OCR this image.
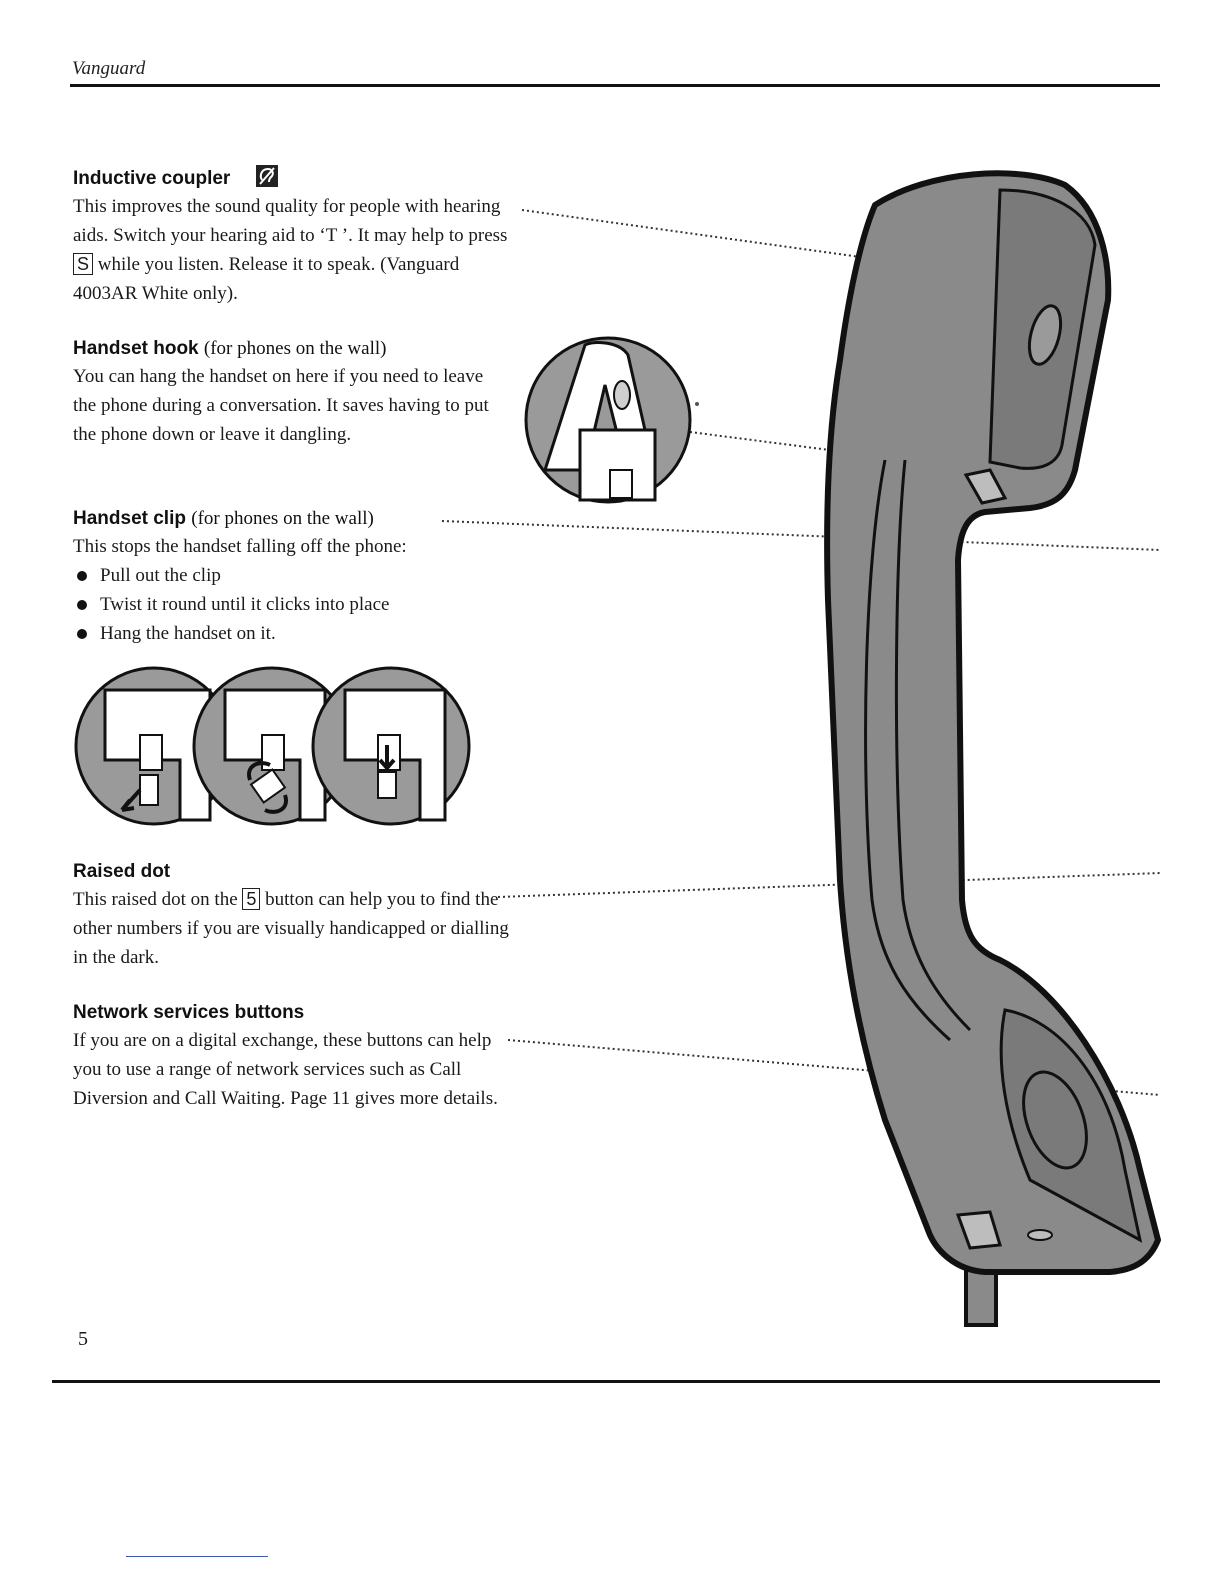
Vanguard
Inductive coupler

This improves the sound quality for people with hearing aids. Switch your hearing aid to ‘T ’. It may help to press S while you listen. Release it to speak. (Vanguard 4003AR White only).

Handset hook (for phones on the wall)

You can hang the handset on here if you need to leave the phone during a conversation. It saves having to put the phone down or leave it dangling.

Handset clip (for phones on the wall)

This stops the handset falling off the phone:

Pull out the clip
Twist it round until it clicks into place
Hang the handset on it.
Raised dot

This raised dot on the 5 button can help you to find the other numbers if you are visually handicapped or dialling in the dark.

Network services buttons

If you are on a digital exchange, these buttons can help you to use a range of network services such as Call Diversion and Call Waiting. Page 11 gives more details.

5
